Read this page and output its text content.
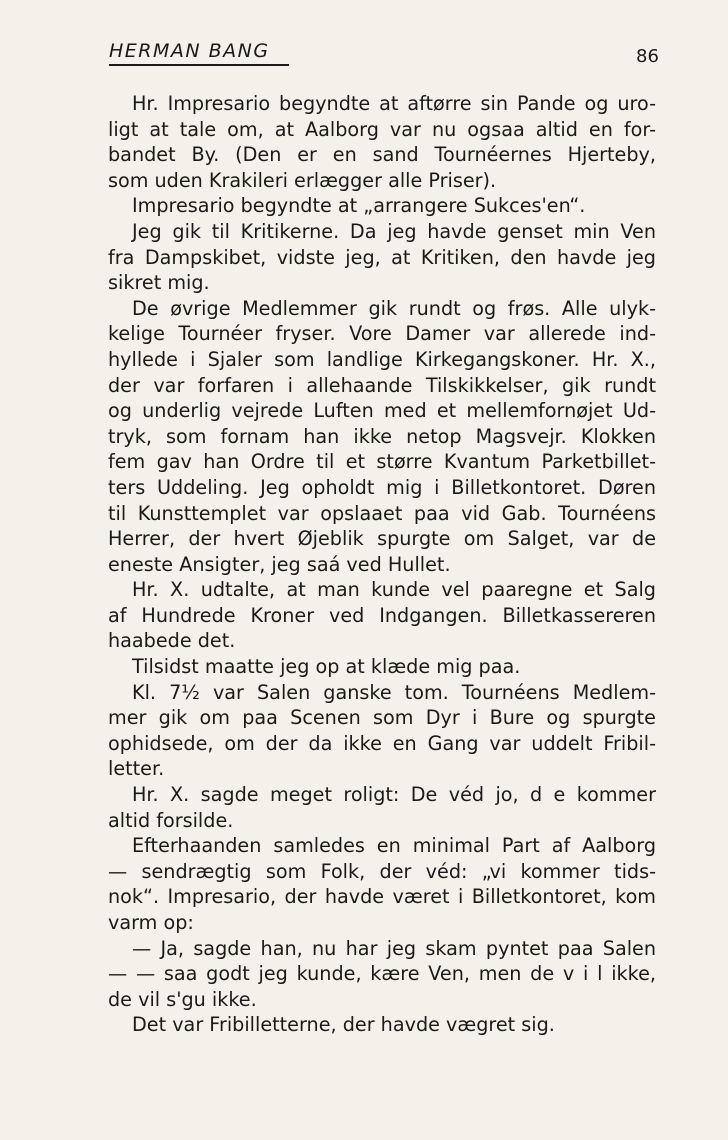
HERMAN BANG	86
Hr. Impresario begyndte at aftørre sin Pande og uro-
ligt at tale om, at Aalborg var nu ogsaa altid en for-
bandet By. (Den er en sand Tournéernes Hjerteby,
som uden Krakileri erlægger alle Priser).
Impresario begyndte at „arrangere Sukces'en“.
Jeg gik til Kritikerne. Da jeg havde genset min Ven
fra Dampskibet, vidste jeg, at Kritiken, den havde jeg
sikret mig.
De øvrige Medlemmer gik rundt og frøs. Alle ulyk-
kelige Tournéer fryser. Vore Damer var allerede ind-
hyllede i Sjaler som landlige Kirkegangskoner. Hr. X.,
der var forfaren i allehaande Tilskikkelser, gik rundt
og underlig vejrede Luften med et mellemfornøjet Ud-
tryk, som fornam han ikke netop Magsvejr. Klokken
fem gav han Ordre til et større Kvantum Parketbillet-
ters Uddeling. Jeg opholdt mig i Billetkontoret. Døren
til Kunsttemplet var opslaaet paa vid Gab. Tournéens
Herrer, der hvert Øjeblik spurgte om Salget, var de
eneste Ansigter, jeg saá ved Hullet.
Hr. X. udtalte, at man kunde vel paaregne et Salg
af Hundrede Kroner ved Indgangen. Billetkassereren
haabede det.
Tilsidst maatte jeg op at klæde mig paa.
Kl. 7½ var Salen ganske tom. Tournéens Medlem-
mer gik om paa Scenen som Dyr i Bure og spurgte
ophidsede, om der da ikke en Gang var uddelt Fribil-
letter.
Hr. X. sagde meget roligt: De véd jo, d e kommer
altid forsilde.
Efterhaanden samledes en minimal Part af Aalborg
— sendrægtig som Folk, der véd: „vi kommer tids-
nok“. Impresario, der havde været i Billetkontoret, kom
varm op:
— Ja, sagde han, nu har jeg skam pyntet paa Salen
— — saa godt jeg kunde, kære Ven, men de v i l ikke,
de vil s'gu ikke.
Det var Fribilletterne, der havde vægret sig.
